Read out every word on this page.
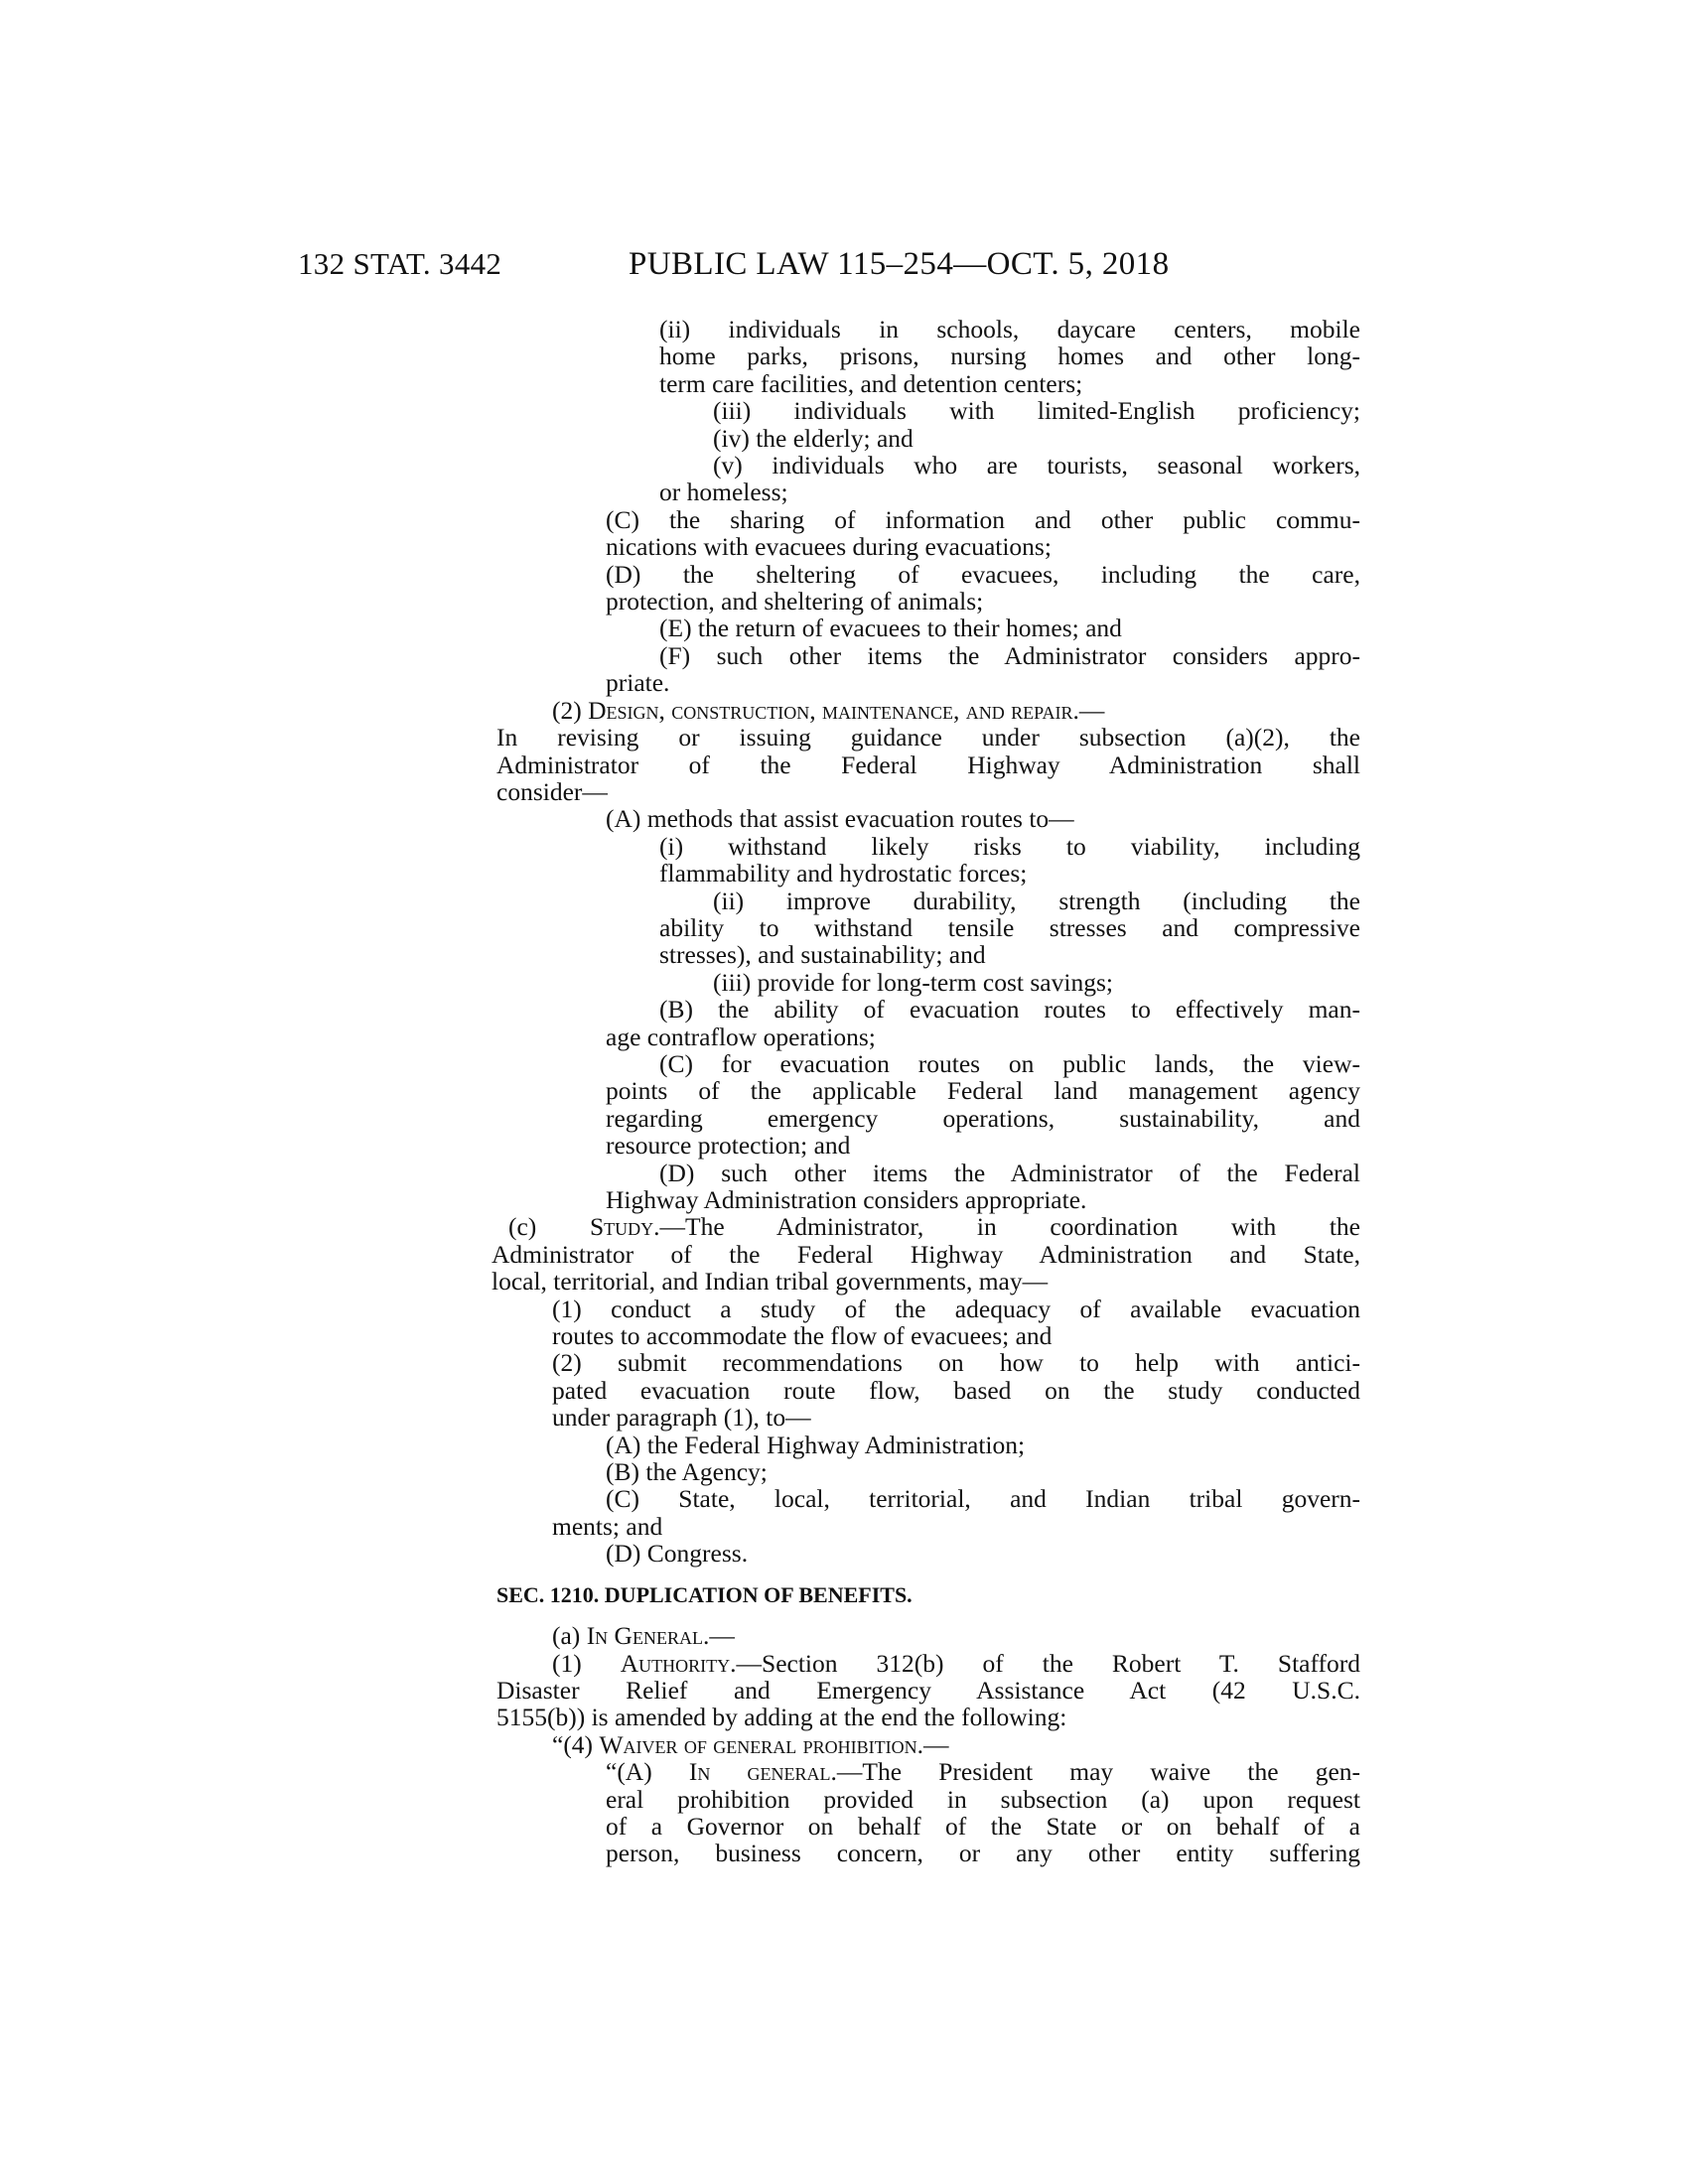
132 STAT. 3442	PUBLIC LAW 115–254—OCT. 5, 2018
(ii) individuals in schools, daycare centers, mobile
home parks, prisons, nursing homes and other long-
term care facilities, and detention centers;
(iii) individuals with limited-English proficiency;
(iv) the elderly; and
(v) individuals who are tourists, seasonal workers,
or homeless;
(C) the sharing of information and other public commu-
nications with evacuees during evacuations;
(D) the sheltering of evacuees, including the care,
protection, and sheltering of animals;
(E) the return of evacuees to their homes; and
(F) such other items the Administrator considers appro-
priate.
(2) Design, construction, maintenance, and repair.—
In revising or issuing guidance under subsection (a)(2), the
Administrator of the Federal Highway Administration shall
consider—
(A) methods that assist evacuation routes to—
(i) withstand likely risks to viability, including
flammability and hydrostatic forces;
(ii) improve durability, strength (including the
ability to withstand tensile stresses and compressive
stresses), and sustainability; and
(iii) provide for long-term cost savings;
(B) the ability of evacuation routes to effectively man-
age contraflow operations;
(C) for evacuation routes on public lands, the view-
points of the applicable Federal land management agency
regarding emergency operations, sustainability, and
resource protection; and
(D) such other items the Administrator of the Federal
Highway Administration considers appropriate.
(c) Study.—The Administrator, in coordination with the
Administrator of the Federal Highway Administration and State,
local, territorial, and Indian tribal governments, may—
(1) conduct a study of the adequacy of available evacuation
routes to accommodate the flow of evacuees; and
(2) submit recommendations on how to help with antici-
pated evacuation route flow, based on the study conducted
under paragraph (1), to—
(A) the Federal Highway Administration;
(B) the Agency;
(C) State, local, territorial, and Indian tribal govern-
ments; and
(D) Congress.
SEC. 1210. DUPLICATION OF BENEFITS.
(a) In General.—
(1) Authority.—Section 312(b) of the Robert T. Stafford
Disaster Relief and Emergency Assistance Act (42 U.S.C.
5155(b)) is amended by adding at the end the following:
“(4) Waiver of general prohibition.—
“(A) In general.—The President may waive the gen-
eral prohibition provided in subsection (a) upon request
of a Governor on behalf of the State or on behalf of a
person, business concern, or any other entity suffering
